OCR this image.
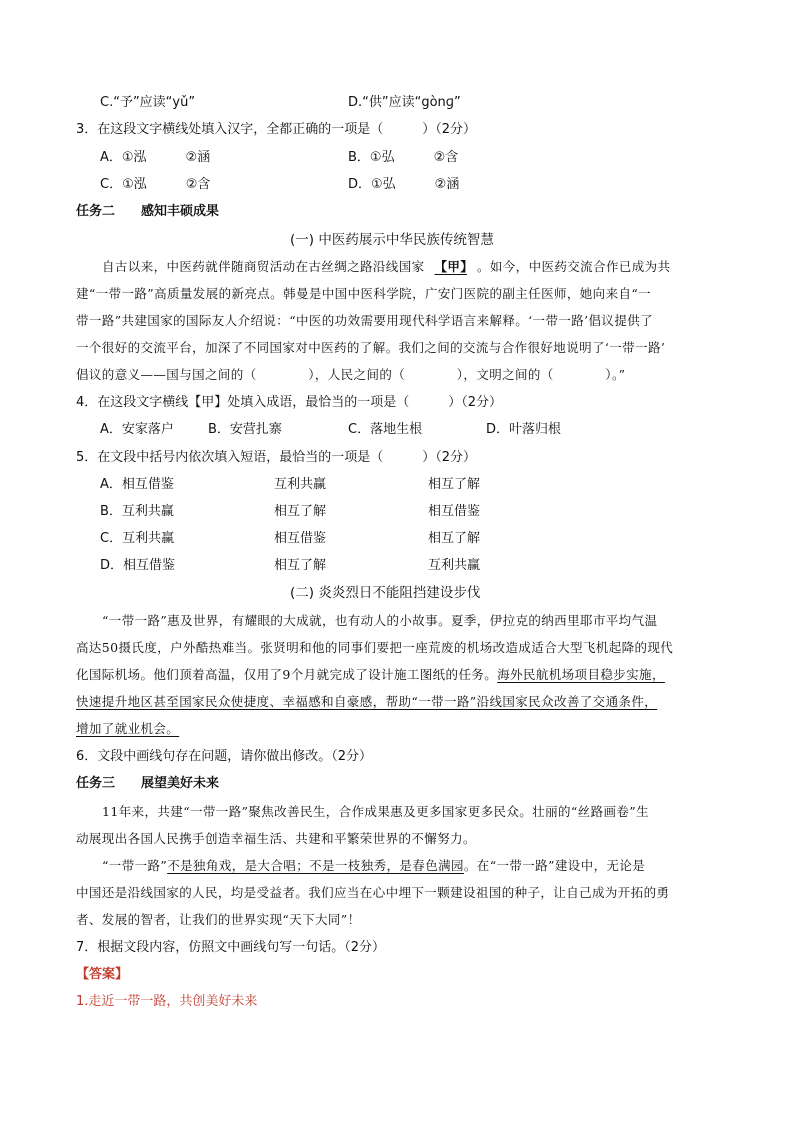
C.“予”应读“yǔ”	D.“供”应读“gònɡ”
3．在这段文字横线处填入汉字，全都正确的一项是（　　　）（2分）
A．①泓　　　②涵	B．①弘　　　②含
C．①泓　　　②含	D．①弘　　　②涵
任务二　　感知丰硕成果
(一) 中医药展示中华民族传统智慧
自古以来，中医药就伴随商贸活动在古丝绸之路沿线国家 【甲】 。如今，中医药交流合作已成为共
建“一带一路”高质量发展的新亮点。韩曼是中国中医科学院，广安门医院的副主任医师，她向来自“一
带一路”共建国家的国际友人介绍说：“中医的功效需要用现代科学语言来解释。‘一带一路’倡议提供了
一个很好的交流平台，加深了不同国家对中医药的了解。我们之间的交流与合作很好地说明了‘一带一路’
倡议的意义——国与国之间的（　　　　），人民之间的（　　　　），文明之间的（　　　　）。”
4．在这段文字横线【甲】处填入成语，最恰当的一项是（　　　）（2分）
A．安家落户	B．安营扎寨	C．落地生根	D．叶落归根
5．在文段中括号内依次填入短语，最恰当的一项是（　　　）（2分）
A．相互借鉴	互利共赢	相互了解
B．互利共赢	相互了解	相互借鉴
C．互利共赢	相互借鉴	相互了解
D．相互借鉴	相互了解	互利共赢
(二) 炎炎烈日不能阻挡建设步伐
“一带一路”惠及世界，有耀眼的大成就，也有动人的小故事。夏季，伊拉克的纳西里耶市平均气温
高达50摄氏度，户外酷热难当。张贤明和他的同事们要把一座荒废的机场改造成适合大型飞机起降的现代
化国际机场。他们顶着高温，仅用了9个月就完成了设计施工图纸的任务。海外民航机场项目稳步实施，
快速提升地区甚至国家民众使捷度、幸福感和自豪感，帮助“一带一路”沿线国家民众改善了交通条件，
增加了就业机会。
6．文段中画线句存在问题，请你做出修改。（2分）
任务三　　展望美好未来
11年来，共建“一带一路”聚焦改善民生，合作成果惠及更多国家更多民众。壮丽的“丝路画卷”生
动展现出各国人民携手创造幸福生活、共建和平繁荣世界的不懈努力。
“一带一路”不是独角戏，是大合唱；不是一枝独秀，是春色满园。在“一带一路”建设中，无论是
中国还是沿线国家的人民，均是受益者。我们应当在心中埋下一颗建设祖国的种子，让自己成为开拓的勇
者、发展的智者，让我们的世界实现“天下大同”！
7．根据文段内容，仿照文中画线句写一句话。（2分）
【答案】
1.走近一带一路，共创美好未来
